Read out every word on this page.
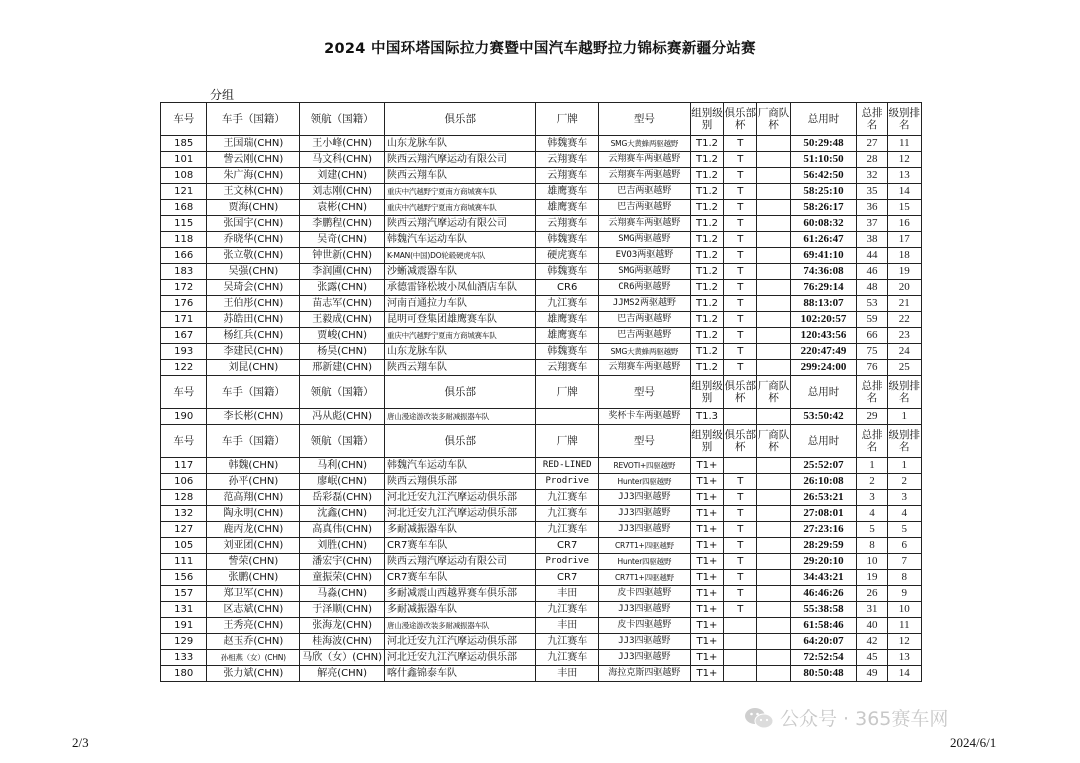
2024 中国环塔国际拉力赛暨中国汽车越野拉力锦标赛新疆分站赛
分组
车号	车手（国籍）	领航（国籍）	俱乐部	厂牌	型号	组别级别	俱乐部杯	厂商队杯	总用时	总排名	级别排名
185	王国瑞(CHN)	王小峰(CHN)	山东龙脉车队	韩魏赛车	SMG大黄蜂两驱越野	T1.2	T		50:29:48	27	11
101	訾云刚(CHN)	马文科(CHN)	陕西云翔汽摩运动有限公司	云翔赛车	云翔赛车两驱越野	T1.2	T		51:10:50	28	12
108	朱广海(CHN)	刘建(CHN)	陕西云翔车队	云翔赛车	云翔赛车两驱越野	T1.2	T		56:42:50	32	13
121	王文林(CHN)	刘志刚(CHN)	重庆中汽越野宁夏南方商城赛车队	雄鹰赛车	巴吉两驱越野	T1.2	T		58:25:10	35	14
168	贾海(CHN)	袁彬(CHN)	重庆中汽越野宁夏南方商城赛车队	雄鹰赛车	巴吉两驱越野	T1.2	T		58:26:17	36	15
115	张国宇(CHN)	李鹏程(CHN)	陕西云翔汽摩运动有限公司	云翔赛车	云翔赛车两驱越野	T1.2	T		60:08:32	37	16
118	乔晓华(CHN)	吴奇(CHN)	韩魏汽车运动车队	韩魏赛车	SMG两驱越野	T1.2	T		61:26:47	38	17
166	张立敬(CHN)	钟世新(CHN)	K-MAN(中国)DO轮毂硬虎车队	硬虎赛车	EVO3两驱越野	T1.2	T		69:41:10	44	18
183	吴强(CHN)	李润圃(CHN)	沙蜥减震器车队	韩魏赛车	SMG两驱越野	T1.2	T		74:36:08	46	19
172	吴琦会(CHN)	张露(CHN)	承德雷锋松坡小凤仙酒店车队	CR6	CR6两驱越野	T1.2	T		76:29:14	48	20
176	王伯彤(CHN)	苗志军(CHN)	河南百通拉力车队	九江赛车	JJMS2两驱越野	T1.2	T		88:13:07	53	21
171	苏皓田(CHN)	王毅成(CHN)	昆明可登集团雄鹰赛车队	雄鹰赛车	巴吉两驱越野	T1.2	T		102:20:57	59	22
167	杨红兵(CHN)	贾峻(CHN)	重庆中汽越野宁夏南方商城赛车队	雄鹰赛车	巴吉两驱越野	T1.2	T		120:43:56	66	23
193	李建民(CHN)	杨昊(CHN)	山东龙脉车队	韩魏赛车	SMG大黄蜂两驱越野	T1.2	T		220:47:49	75	24
122	刘昆(CHN)	邢新建(CHN)	陕西云翔车队	云翔赛车	云翔赛车两驱越野	T1.2	T		299:24:00	76	25
车号	车手（国籍）	领航（国籍）	俱乐部	厂牌	型号	组别级别	俱乐部杯	厂商队杯	总用时	总排名	级别排名
190	李长彬(CHN)	冯从彪(CHN)	唐山漫途游改装多耐减振器车队		奖杯卡车两驱越野	T1.3			53:50:42	29	1
车号	车手（国籍）	领航（国籍）	俱乐部	厂牌	型号	组别级别	俱乐部杯	厂商队杯	总用时	总排名	级别排名
117	韩魏(CHN)	马利(CHN)	韩魏汽车运动车队	RED-LINED	REVOTI+四驱越野	T1+			25:52:07	1	1
106	孙平(CHN)	廖岷(CHN)	陕西云翔俱乐部	Prodrive	Hunter四驱越野	T1+	T		26:10:08	2	2
128	范高翔(CHN)	岳彩磊(CHN)	河北迁安九江汽摩运动俱乐部	九江赛车	JJ3四驱越野	T1+	T		26:53:21	3	3
132	陶永明(CHN)	沈鑫(CHN)	河北迁安九江汽摩运动俱乐部	九江赛车	JJ3四驱越野	T1+	T		27:08:01	4	4
127	鹿丙龙(CHN)	高真伟(CHN)	多耐减振器车队	九江赛车	JJ3四驱越野	T1+	T		27:23:16	5	5
105	刘亚团(CHN)	刘胜(CHN)	CR7赛车车队	CR7	CR7T1+四驱越野	T1+	T		28:29:59	8	6
111	訾荣(CHN)	潘宏宇(CHN)	陕西云翔汽摩运动有限公司	Prodrive	Hunter四驱越野	T1+	T		29:20:10	10	7
156	张鹏(CHN)	童振荣(CHN)	CR7赛车车队	CR7	CR7T1+四驱越野	T1+	T		34:43:21	19	8
157	郑卫军(CHN)	马淼(CHN)	多耐减震山西越界赛车俱乐部	丰田	皮卡四驱越野	T1+	T		46:46:26	26	9
131	区志斌(CHN)	于泽顺(CHN)	多耐减振器车队	九江赛车	JJ3四驱越野	T1+	T		55:38:58	31	10
191	王秀亮(CHN)	张海龙(CHN)	唐山漫途游改装多耐减振器车队	丰田	皮卡四驱越野	T1+			61:58:46	40	11
129	赵玉乔(CHN)	桂海波(CHN)	河北迁安九江汽摩运动俱乐部	九江赛车	JJ3四驱越野	T1+			64:20:07	42	12
133	孙相燕（女）(CHN)	马欣（女）(CHN)	河北迁安九江汽摩运动俱乐部	九江赛车	JJ3四驱越野	T1+			72:52:54	45	13
180	张力斌(CHN)	解亮(CHN)	喀什鑫锦泰车队	丰田	海拉克斯四驱越野	T1+			80:50:48	49	14
2/3	2024/6/1
公众号 · 365赛车网
